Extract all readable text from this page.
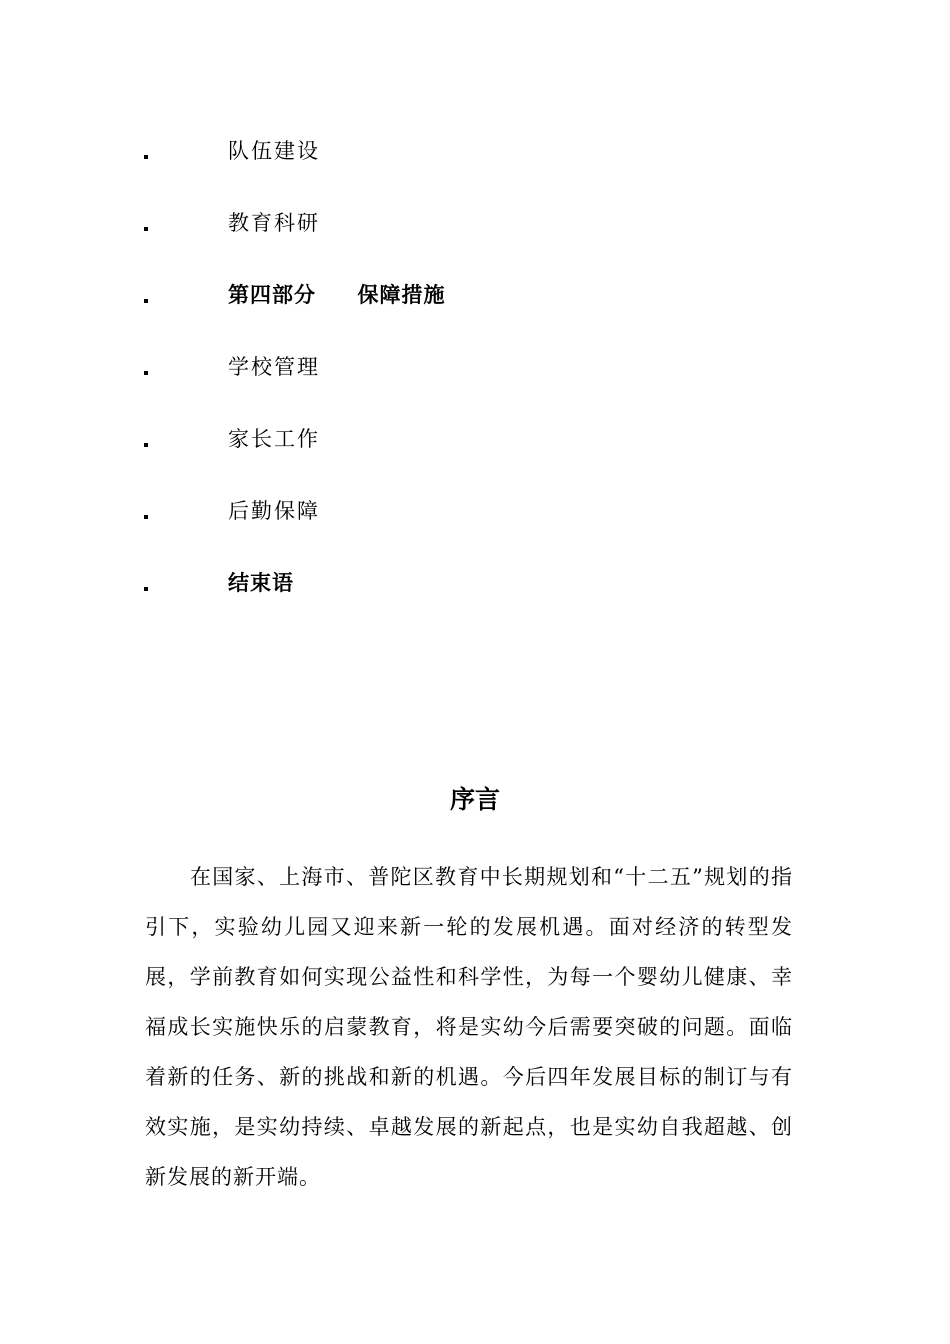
队伍建设
教育科研
第四部分     保障措施
学校管理
家长工作
后勤保障
结束语
序言

在国家、上海市、普陀区教育中长期规划和“十二五”规划的指引下，实验幼儿园又迎来新一轮的发展机遇。面对经济的转型发展，学前教育如何实现公益性和科学性，为每一个婴幼儿健康、幸福成长实施快乐的启蒙教育，将是实幼今后需要突破的问题。面临着新的任务、新的挑战和新的机遇。今后四年发展目标的制订与有效实施，是实幼持续、卓越发展的新起点，也是实幼自我超越、创新发展的新开端。
